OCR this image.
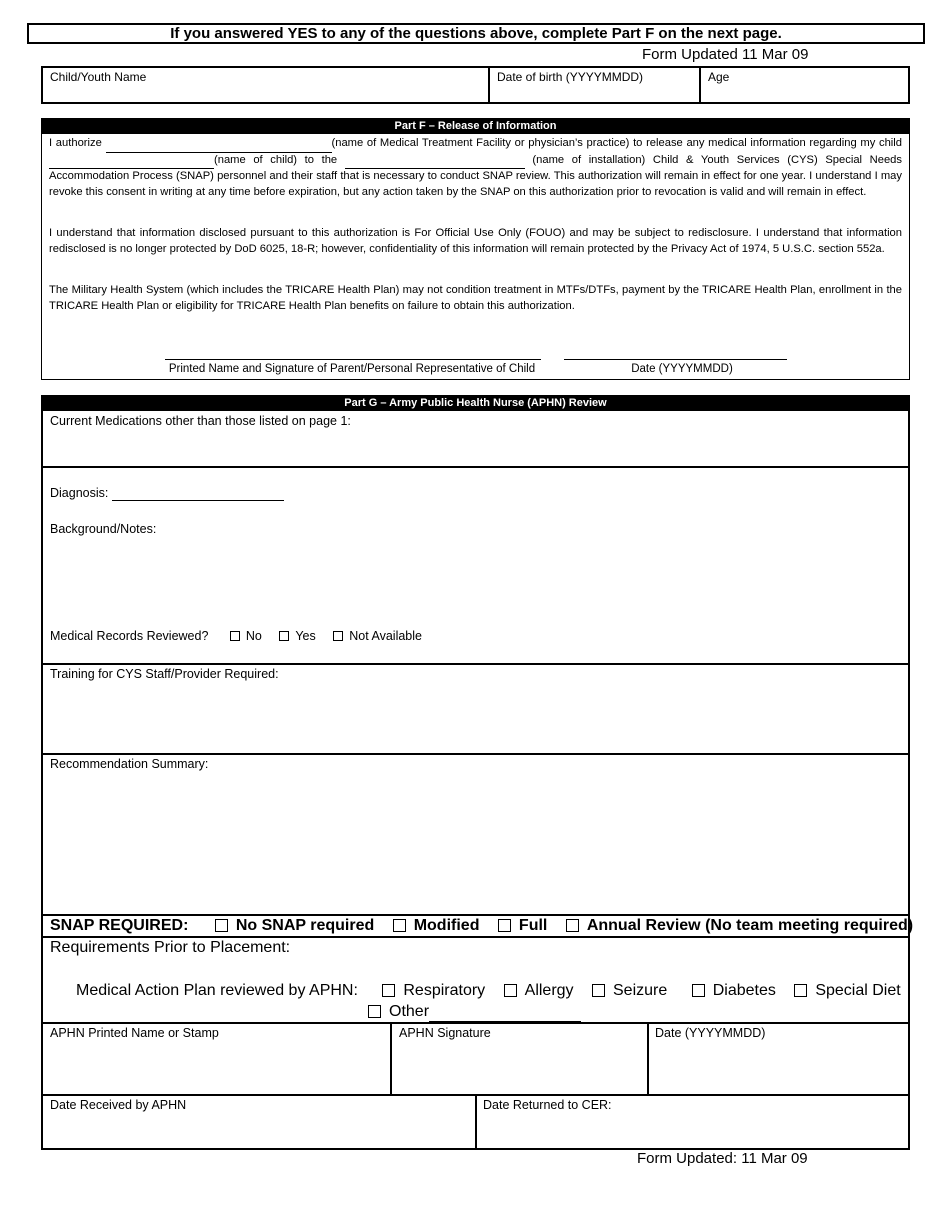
If you answered YES to any of the questions above, complete Part F on the next page.
Form Updated 11 Mar 09
Child/Youth Name	Date of birth (YYYYMMDD)	Age
Part F – Release of Information
I authorize	(name of Medical Treatment Facility or physician’s practice) to release any medical information regarding my child  (name of child) to the	(name of installation) Child & Youth Services (CYS) Special Needs Accommodation Process (SNAP) personnel and their staff that is necessary to conduct SNAP review. This authorization will remain in effect for one year. I understand I may revoke this consent in writing at any time before expiration, but any action taken by the SNAP on this authorization prior to revocation is valid and will remain in effect.
I understand that information disclosed pursuant to this authorization is For Official Use Only (FOUO) and may be subject to redisclosure. I understand that information redisclosed is no longer protected by DoD 6025, 18-R; however, confidentiality of this information will remain protected by the Privacy Act of 1974, 5 U.S.C. section 552a.
The Military Health System (which includes the TRICARE Health Plan) may not condition treatment in MTFs/DTFs, payment by the TRICARE Health Plan, enrollment in the TRICARE Health Plan or eligibility for TRICARE Health Plan benefits on failure to obtain this authorization.
Printed Name and Signature of Parent/Personal Representative of Child	Date (YYYYMMDD)
Part G – Army Public Health Nurse (APHN) Review
Current Medications other than those listed on page 1:
Diagnosis:
Background/Notes:
Medical Records Reviewed?	No	Yes	Not Available
Training for CYS Staff/Provider Required:
Recommendation Summary:
SNAP REQUIRED:	No SNAP required Modified Full Annual Review (No team meeting required)
Requirements Prior to Placement:
Medical Action Plan reviewed by APHN:	Respiratory Allergy Seizure	Diabetes Special Diet
Other
APHN Printed Name or Stamp	APHN Signature	Date (YYYYMMDD)
Date Received by APHN	Date Returned to CER:
Form Updated: 11 Mar 09
